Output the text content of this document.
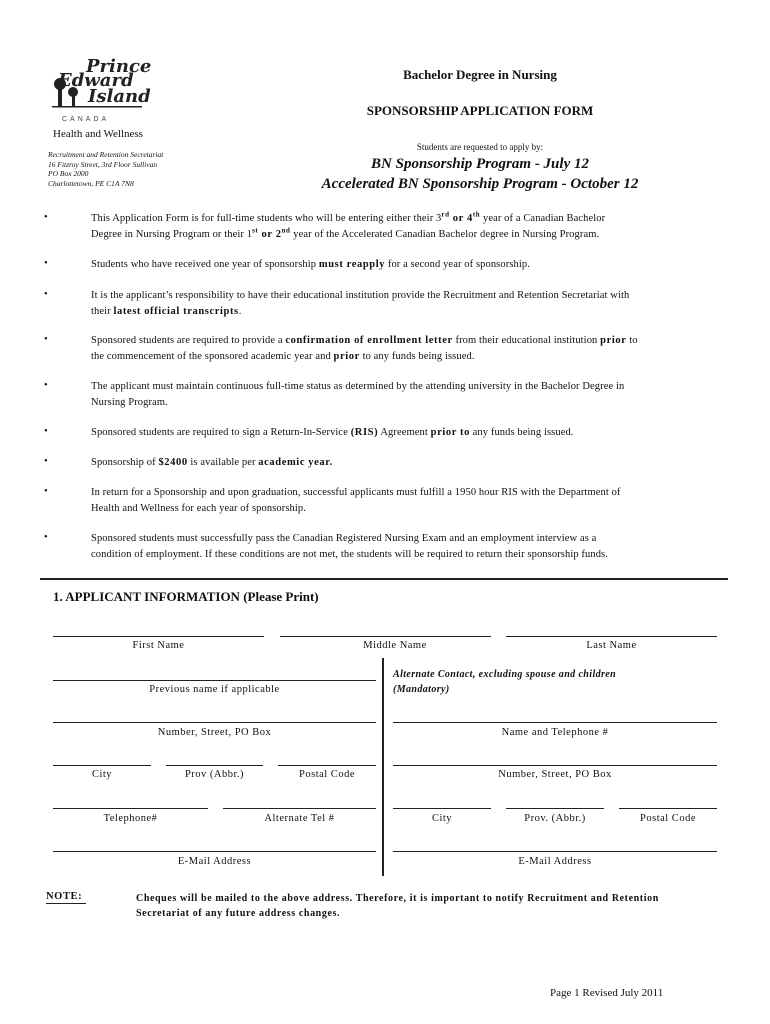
Prince
Edward
Island
CANADA
Health and Wellness
Recruitment and Retention Secretariat
16 Fitzroy Street, 3rd Floor Sullivan
PO Box 2000
Charlottetown, PE C1A 7N8
Bachelor Degree in Nursing
SPONSORSHIP APPLICATION FORM
Students are requested to apply by:
BN Sponsorship Program - July 12
Accelerated BN Sponsorship Program - October 12
•	This Application Form is for full-time students who will be entering either their 3rd or 4th year of a Canadian Bachelor
Degree in Nursing Program or their 1st or 2nd year of the Accelerated Canadian Bachelor degree in Nursing Program.
•	Students who have received one year of sponsorship must reapply for a second year of sponsorship.
•	It is the applicant’s responsibility to have their educational institution provide the Recruitment and Retention Secretariat with
their latest official transcripts.
•	Sponsored students are required to provide a confirmation of enrollment letter from their educational institution prior to
the commencement of the sponsored academic year and prior to any funds being issued.
•	The applicant must maintain continuous full-time status as determined by the attending university in the Bachelor Degree in
Nursing Program.
•	Sponsored students are required to sign a Return-In-Service (RIS) Agreement prior to any funds being issued.
•	Sponsorship of $2400 is available per academic year.
•	In return for a Sponsorship and upon graduation, successful applicants must fulfill a 1950 hour RIS with the Department of
Health and Wellness for each year of sponsorship.
•	Sponsored students must successfully pass the Canadian Registered Nursing Exam and an employment interview as a
condition of employment. If these conditions are not met, the students will be required to return their sponsorship funds.
1. APPLICANT INFORMATION (Please Print)
First Name	Middle Name	Last Name
Previous name if applicable
Number, Street, PO Box
City	Prov (Abbr.)	Postal Code
Telephone#	Alternate Tel #
E-Mail Address
Alternate Contact, excluding spouse and children
(Mandatory)
Name and Telephone #
Number, Street, PO Box
City	Prov. (Abbr.)	Postal Code
E-Mail Address
NOTE:	Cheques will be mailed to the above address. Therefore, it is important to notify Recruitment and Retention
Secretariat of any future address changes.
Page 1 Revised July 2011
